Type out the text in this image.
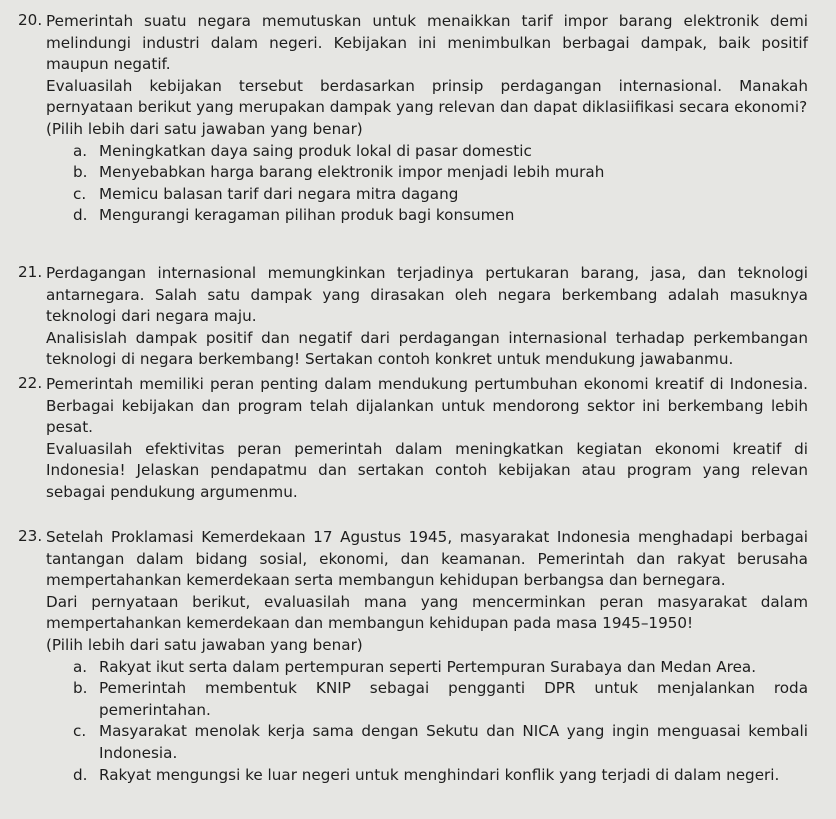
20. Pemerintah suatu negara memutuskan untuk menaikkan tarif impor barang elektronik demi melindungi industri dalam negeri. Kebijakan ini menimbulkan berbagai dampak, baik positif maupun negatif.

Evaluasilah kebijakan tersebut berdasarkan prinsip perdagangan internasional. Manakah pernyataan berikut yang merupakan dampak yang relevan dan dapat diklasiifikasi secara ekonomi?

(Pilih lebih dari satu jawaban yang benar)

a. Meningkatkan daya saing produk lokal di pasar domestic
b. Menyebabkan harga barang elektronik impor menjadi lebih murah
c. Memicu balasan tarif dari negara mitra dagang
d. Mengurangi keragaman pilihan produk bagi konsumen
21. Perdagangan internasional memungkinkan terjadinya pertukaran barang, jasa, dan teknologi antarnegara. Salah satu dampak yang dirasakan oleh negara berkembang adalah masuknya teknologi dari negara maju.

Analisislah dampak positif dan negatif dari perdagangan internasional terhadap perkembangan teknologi di negara berkembang! Sertakan contoh konkret untuk mendukung jawabanmu.

22. Pemerintah memiliki peran penting dalam mendukung pertumbuhan ekonomi kreatif di Indonesia. Berbagai kebijakan dan program telah dijalankan untuk mendorong sektor ini berkembang lebih pesat.

Evaluasilah efektivitas peran pemerintah dalam meningkatkan kegiatan ekonomi kreatif di Indonesia! Jelaskan pendapatmu dan sertakan contoh kebijakan atau program yang relevan sebagai pendukung argumenmu.

23. Setelah Proklamasi Kemerdekaan 17 Agustus 1945, masyarakat Indonesia menghadapi berbagai tantangan dalam bidang sosial, ekonomi, dan keamanan. Pemerintah dan rakyat berusaha mempertahankan kemerdekaan serta membangun kehidupan berbangsa dan bernegara.

Dari pernyataan berikut, evaluasilah mana yang mencerminkan peran masyarakat dalam mempertahankan kemerdekaan dan membangun kehidupan pada masa 1945–1950!

(Pilih lebih dari satu jawaban yang benar)

a. Rakyat ikut serta dalam pertempuran seperti Pertempuran Surabaya dan Medan Area.
b. Pemerintah membentuk KNIP sebagai pengganti DPR untuk menjalankan roda pemerintahan.
c. Masyarakat menolak kerja sama dengan Sekutu dan NICA yang ingin menguasai kembali Indonesia.
d. Rakyat mengungsi ke luar negeri untuk menghindari konflik yang terjadi di dalam negeri.
